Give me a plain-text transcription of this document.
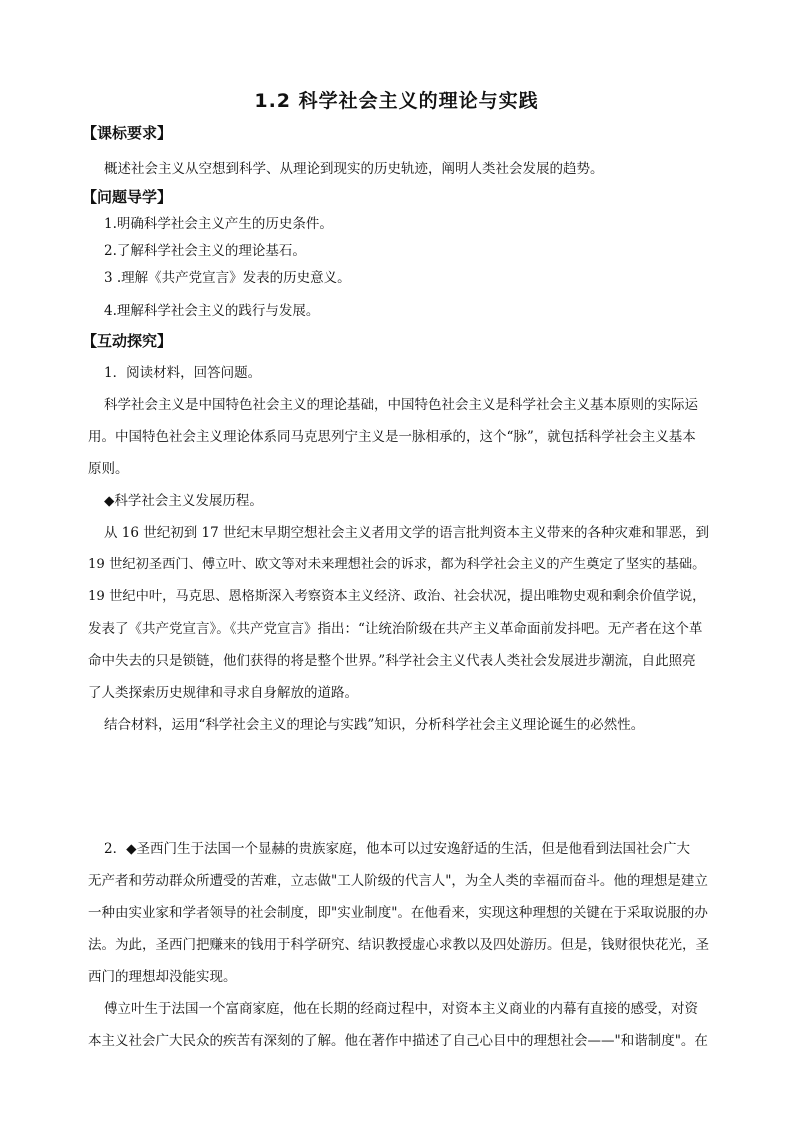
1.2 科学社会主义的理论与实践
【课标要求】
概述社会主义从空想到科学、从理论到现实的历史轨迹，阐明人类社会发展的趋势。
【问题导学】
1.明确科学社会主义产生的历史条件。
2.了解科学社会主义的理论基石。
3 .理解《共产党宣言》发表的历史意义。
4.理解科学社会主义的践行与发展。
【互动探究】
1．阅读材料，回答问题。
科学社会主义是中国特色社会主义的理论基础，中国特色社会主义是科学社会主义基本原则的实际运
用。中国特色社会主义理论体系同马克思列宁主义是一脉相承的，这个“脉”，就包括科学社会主义基本
原则。
◆科学社会主义发展历程。
从 16 世纪初到 17 世纪末早期空想社会主义者用文学的语言批判资本主义带来的各种灾难和罪恶，到
19 世纪初圣西门、傅立叶、欧文等对未来理想社会的诉求，都为科学社会主义的产生奠定了坚实的基础。
19 世纪中叶，马克思、恩格斯深入考察资本主义经济、政治、社会状况，提出唯物史观和剩余价值学说，
发表了《共产党宣言》。《共产党宣言》指出：“让统治阶级在共产主义革命面前发抖吧。无产者在这个革
命中失去的只是锁链，他们获得的将是整个世界。”科学社会主义代表人类社会发展进步潮流，自此照亮
了人类探索历史规律和寻求自身解放的道路。
结合材料，运用“科学社会主义的理论与实践”知识，分析科学社会主义理论诞生的必然性。
2．◆圣西门生于法国一个显赫的贵族家庭，他本可以过安逸舒适的生活，但是他看到法国社会广大
无产者和劳动群众所遭受的苦难，立志做"工人阶级的代言人"，为全人类的幸福而奋斗。他的理想是建立
一种由实业家和学者领导的社会制度，即"实业制度"。在他看来，实现这种理想的关键在于采取说服的办
法。为此，圣西门把赚来的钱用于科学研究、结识教授虚心求教以及四处游历。但是，钱财很快花光，圣
西门的理想却没能实现。
傅立叶生于法国一个富商家庭，他在长期的经商过程中，对资本主义商业的内幕有直接的感受，对资
本主义社会广大民众的疾苦有深刻的了解。他在著作中描述了自己心目中的理想社会——"和谐制度"。在
